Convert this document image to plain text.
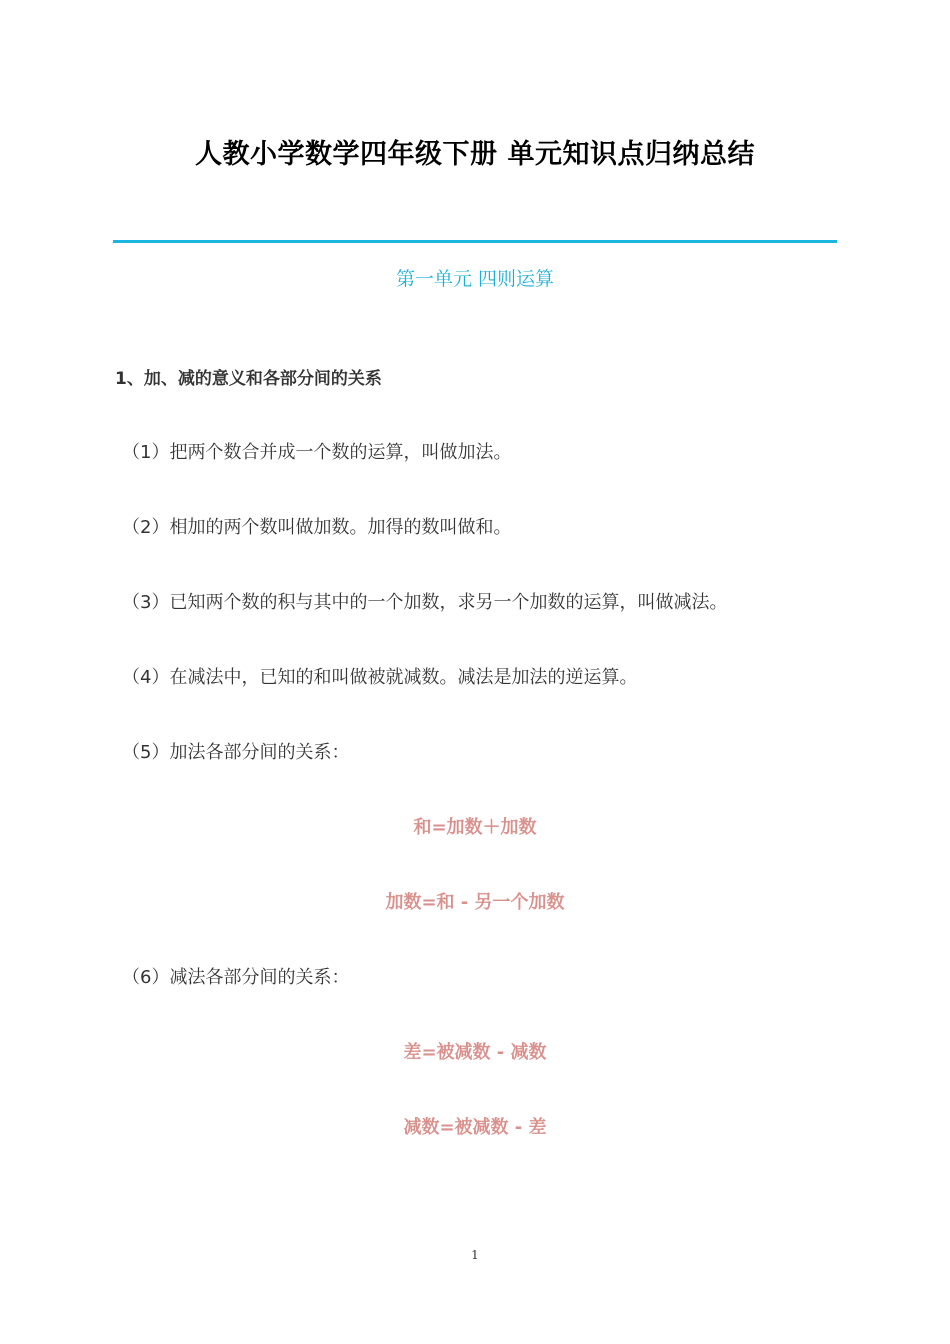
人教小学数学四年级下册 单元知识点归纳总结
第一单元 四则运算
1、加、减的意义和各部分间的关系
（1）把两个数合并成一个数的运算，叫做加法。
（2）相加的两个数叫做加数。加得的数叫做和。
（3）已知两个数的积与其中的一个加数，求另一个加数的运算，叫做减法。
（4）在减法中，已知的和叫做被就减数。减法是加法的逆运算。
（5）加法各部分间的关系：
和=加数＋加数
加数=和 - 另一个加数
（6）减法各部分间的关系：
差=被减数 - 减数
减数=被减数 - 差
1
